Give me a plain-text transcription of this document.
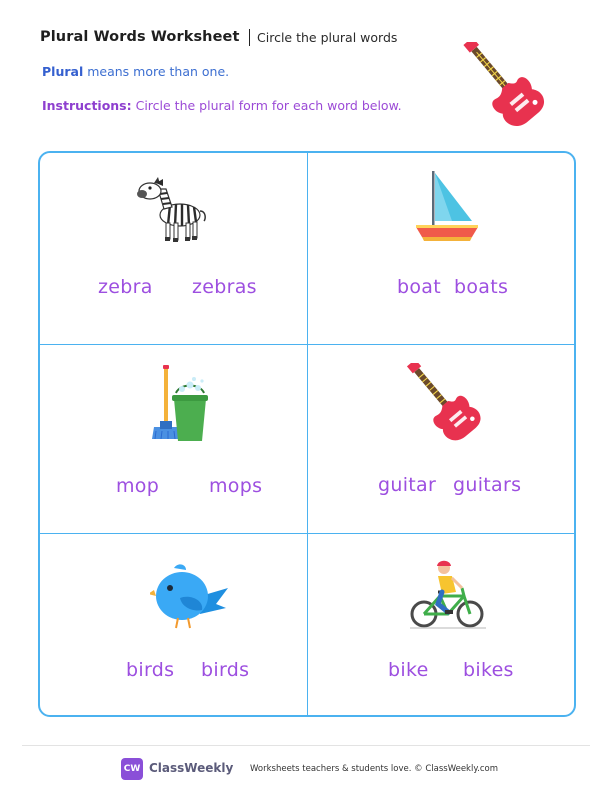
Plural Words Worksheet Circle the plural words
Plural means more than one.
Instructions: Circle the plural form for each word below.
zebra zebras	boat boats
mop	mops	guitar guitars
birds birds	bike bikes
CW ClassWeekly Worksheets teachers & students love. © ClassWeekly.com
